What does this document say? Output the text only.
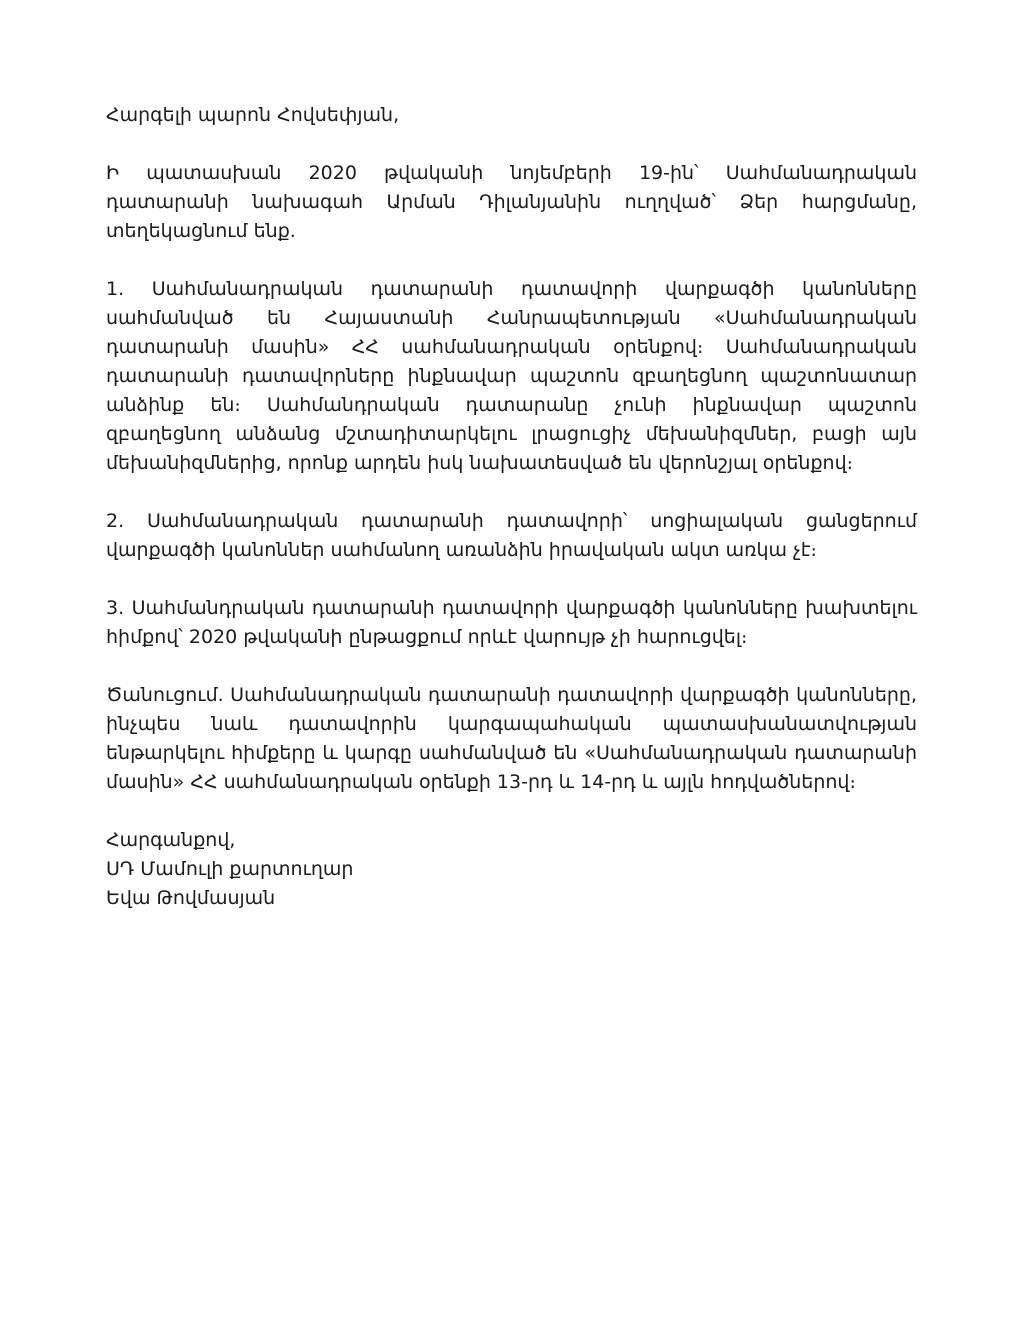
Հարգելի պարոն Հովսեփյան,

Ի պատասխան 2020 թվականի նոյեմբերի 19-ին՝ Սահմանադրական դատարանի նախագահ Արման Դիլանյանին ուղղված՝ Ձեր հարցմանը, տեղեկացնում ենք.

1. Սահմանադրական դատարանի դատավորի վարքագծի կանոնները սահմանված են Հայաստանի Հանրապետության «Սահմանադրական դատարանի մասին» ՀՀ սահմանադրական օրենքով։ Սահմանադրական դատարանի դատավորները ինքնավար պաշտոն զբաղեցնող պաշտոնատար անձինք են։ Սահմանդրական դատարանը չունի ինքնավար պաշտոն զբաղեցնող անձանց մշտադիտարկելու լրացուցիչ մեխանիզմներ, բացի այն մեխանիզմներից, որոնք արդեն իսկ նախատեսված են վերոնշյալ օրենքով։

2. Սահմանադրական դատարանի դատավորի՝ սոցիալական ցանցերում վարքագծի կանոններ սահմանող առանձին իրավական ակտ առկա չէ։

3. Սահմանդրական դատարանի դատավորի վարքագծի կանոնները խախտելու հիմքով՝ 2020 թվականի ընթացքում որևէ վարույթ չի հարուցվել։

Ծանուցում. Սահմանադրական դատարանի դատավորի վարքագծի կանոնները, ինչպես նաև դատավորին կարգապահական պատասխանատվության ենթարկելու հիմքերը և կարգը սահմանված են «Սահմանադրական դատարանի մասին» ՀՀ սահմանադրական օրենքի 13-րդ և 14-րդ և այլն հոդվածներով։

Հարգանքով,

ՍԴ Մամուլի քարտուղար

Եվա Թովմասյան
